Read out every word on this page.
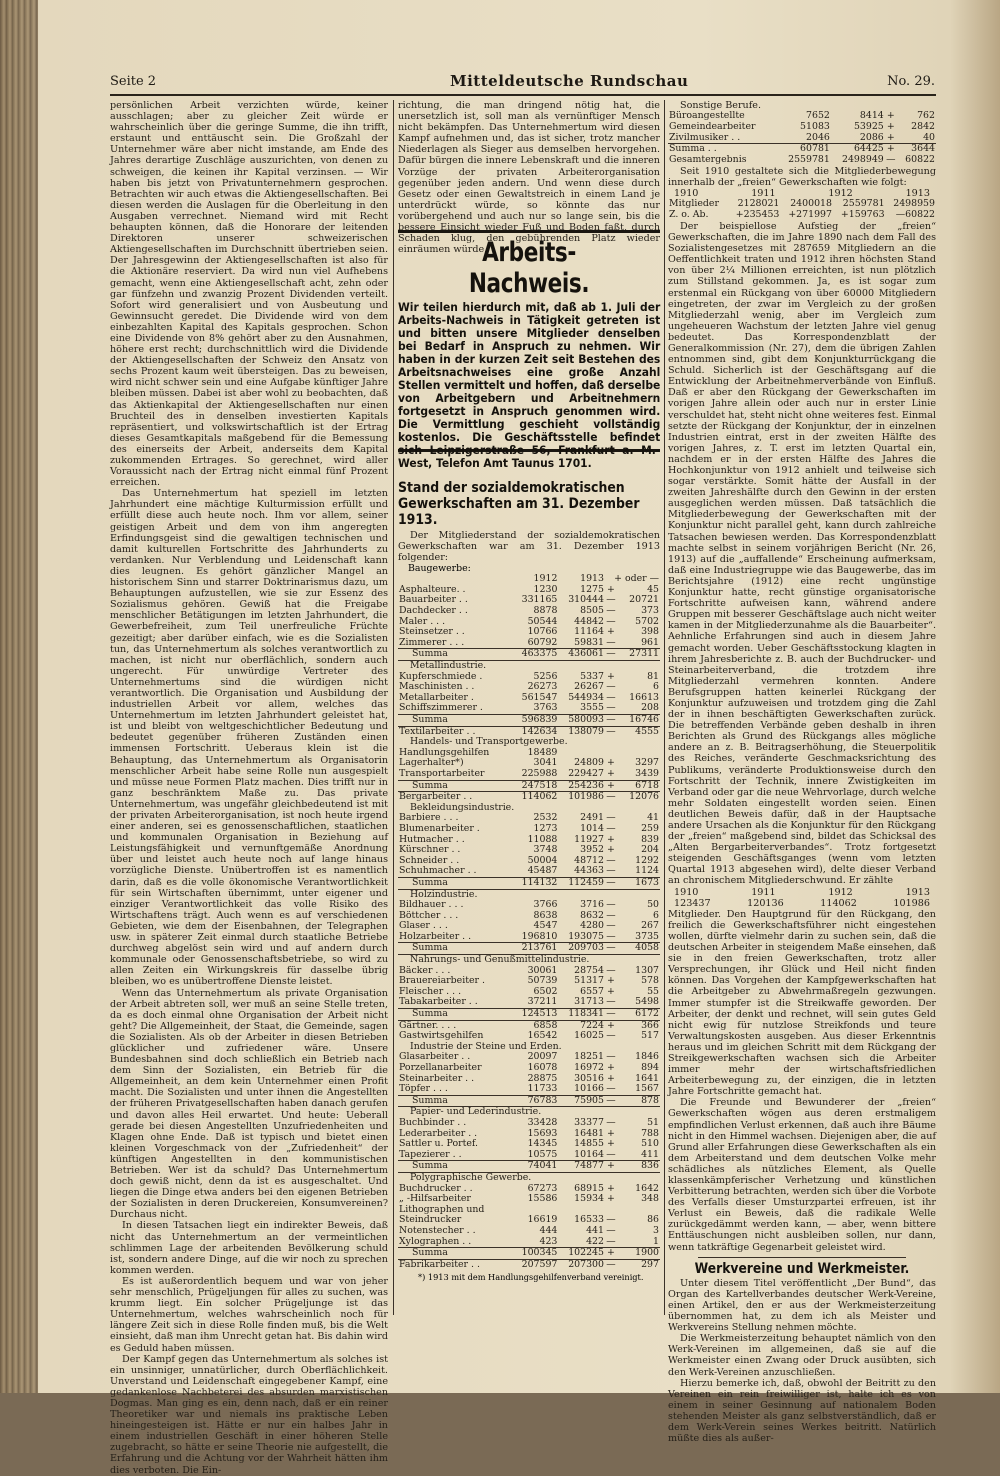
Seite 2	Mitteldeutsche Rundschau	No. 29.

persönlichen Arbeit verzichten würde, keiner ausschlagen; aber zu gleicher Zeit würde er wahrscheinlich über die geringe Summe, die ihn trifft, erstaunt und enttäuscht sein. Die Großzahl der Unternehmer wäre aber nicht imstande, am Ende des Jahres derartige Zuschläge auszurichten, von denen zu schweigen, die keinen ihr Kapital verzinsen. — Wir haben bis jetzt von Privatunternehmern gesprochen. Betrachten wir auch etwas die Aktiengesellschaften. Bei diesen werden die Auslagen für die Oberleitung in den Ausgaben verrechnet. Niemand wird mit Recht behaupten können, daß die Honorare der leitenden Direktoren unserer schweizerischen Aktiengesellschaften im Durchschnitt übertrieben seien. Der Jahresgewinn der Aktiengesellschaften ist also für die Aktionäre reserviert. Da wird nun viel Aufhebens gemacht, wenn eine Aktiengesellschaft acht, zehn oder gar fünfzehn und zwanzig Prozent Dividenden verteilt. Sofort wird generalisiert und von Ausbeutung und Gewinnsucht geredet. Die Dividende wird von dem einbezahlten Kapital des Kapitals gesprochen. Schon eine Dividende von 8% gehört aber zu den Ausnahmen, höhere erst recht; durchschnittlich wird die Dividende der Aktiengesellschaften der Schweiz den Ansatz von sechs Prozent kaum weit übersteigen. Das zu beweisen, wird nicht schwer sein und eine Aufgabe künftiger Jahre bleiben müssen. Dabei ist aber wohl zu beobachten, daß das Aktienkapital der Aktiengesellschaften nur einen Bruchteil des in denselben investierten Kapitals repräsentiert, und volkswirtschaftlich ist der Ertrag dieses Gesamtkapitals maßgebend für die Bemessung des einerseits der Arbeit, anderseits dem Kapital zukommenden Ertrages. So gerechnet, wird aller Voraussicht nach der Ertrag nicht einmal fünf Prozent erreichen.

Das Unternehmertum hat speziell im letzten Jahrhundert eine mächtige Kulturmission erfüllt und erfüllt diese auch heute noch. Ihm vor allem, seiner geistigen Arbeit und dem von ihm angeregten Erfindungsgeist sind die gewaltigen technischen und damit kulturellen Fortschritte des Jahrhunderts zu verdanken. Nur Verblendung und Leidenschaft kann dies leugnen. Es gehört gänzlicher Mangel an historischem Sinn und starrer Doktrinarismus dazu, um Behauptungen aufzustellen, wie sie zur Essenz des Sozialismus gehören. Gewiß hat die Freigabe menschlicher Betätigungen im letzten Jahrhundert, die Gewerbefreiheit, zum Teil unerfreuliche Früchte gezeitigt; aber darüber einfach, wie es die Sozialisten tun, das Unternehmertum als solches verantwortlich zu machen, ist nicht nur oberflächlich, sondern auch ungerecht. Für unwürdige Vertreter des Unternehmertums sind die würdigen nicht verantwortlich. Die Organisation und Ausbildung der industriellen Arbeit vor allem, welches das Unternehmertum im letzten Jahrhundert geleistet hat, ist und bleibt von weltgeschichtlicher Bedeutung und bedeutet gegenüber früheren Zuständen einen immensen Fortschritt. Ueberaus klein ist die Behauptung, das Unternehmertum als Organisatorin menschlicher Arbeit habe seine Rolle nun ausgespielt und müsse neue Formen Platz machen. Dies trifft nur in ganz beschränktem Maße zu. Das private Unternehmertum, was ungefähr gleichbedeutend ist mit der privaten Arbeiterorganisation, ist noch heute irgend einer anderen, sei es genossenschaftlichen, staatlichen und kommunalen Organisation in Beziehung auf Leistungsfähigkeit und vernunftgemäße Anordnung über und leistet auch heute noch auf lange hinaus vorzügliche Dienste. Unübertroffen ist es namentlich darin, daß es die volle ökonomische Verantwortlichkeit für sein Wirtschaften übernimmt, unter eigener und einziger Verantwortlichkeit das volle Risiko des Wirtschaftens trägt. Auch wenn es auf verschiedenen Gebieten, wie dem der Eisenbahnen, der Telegraphen usw. in späterer Zeit einmal durch staatliche Betriebe durchweg abgelöst sein wird und auf andern durch kommunale oder Genossenschaftsbetriebe, so wird zu allen Zeiten ein Wirkungskreis für dasselbe übrig bleiben, wo es unübertroffene Dienste leistet.

Wenn das Unternehmertum als private Organisation der Arbeit abtreten soll, wer muß an seine Stelle treten, da es doch einmal ohne Organisation der Arbeit nicht geht? Die Allgemeinheit, der Staat, die Gemeinde, sagen die Sozialisten. Als ob der Arbeiter in diesen Betrieben glücklicher und zufriedener wäre. Unsere Bundesbahnen sind doch schließlich ein Betrieb nach dem Sinn der Sozialisten, ein Betrieb für die Allgemeinheit, an dem kein Unternehmer einen Profit macht. Die Sozialisten und unter ihnen die Angestellten der früheren Privatgesellschaften haben danach gerufen und davon alles Heil erwartet. Und heute: Ueberall gerade bei diesen Angestellten Unzufriedenheiten und Klagen ohne Ende. Daß ist typisch und bietet einen kleinen Vorgeschmack von der „Zufriedenheit“ der künftigen Angestellten in den kommunistischen Betrieben. Wer ist da schuld? Das Unternehmertum doch gewiß nicht, denn da ist es ausgeschaltet. Und liegen die Dinge etwa anders bei den eigenen Betrieben der Sozialisten in deren Druckereien, Konsumvereinen? Durchaus nicht.

In diesen Tatsachen liegt ein indirekter Beweis, daß nicht das Unternehmertum an der vermeintlichen schlimmen Lage der arbeitenden Bevölkerung schuld ist, sondern andere Dinge, auf die wir noch zu sprechen kommen werden.

Es ist außerordentlich bequem und war von jeher sehr menschlich, Prügeljungen für alles zu suchen, was krumm liegt. Ein solcher Prügeljunge ist das Unternehmertum, welches wahrscheinlich noch für längere Zeit sich in diese Rolle finden muß, bis die Welt einsieht, daß man ihm Unrecht getan hat. Bis dahin wird es Geduld haben müssen.

Der Kampf gegen das Unternehmertum als solches ist ein unsinniger, unnatürlicher, durch Oberflächlichkeit. Unverstand und Leidenschaft eingegebener Kampf, eine gedankenlose Nachbeterei des absurden marxistischen Dogmas. Man ging es ein, denn nach, daß er ein reiner Theoretiker war und niemals ins praktische Leben hineingesteigen ist. Hätte er nur ein halbes Jahr in einem industriellen Geschäft in einer höheren Stelle zugebracht, so hätte er seine Theorie nie aufgestellt, die Erfahrung und die Achtung vor der Wahrheit hätten ihm dies verboten. Die Ein-

richtung, die man dringend nötig hat, die unersetzlich ist, soll man als vernünftiger Mensch nicht bekämpfen. Das Unternehmertum wird diesen Kampf aufnehmen und, das ist sicher, trotz mancher Niederlagen als Sieger aus demselben hervorgehen. Dafür bürgen die innere Lebenskraft und die inneren Vorzüge der privaten Arbeiterorganisation gegenüber jeden andern. Und wenn diese durch Gesetz oder einen Gewaltstreich in einem Land je unterdrückt würde, so könnte das nur vorübergehend und auch nur so lange sein, bis die bessere Einsicht wieder Fuß und Boden faßt, durch Schaden klug, den gebührenden Platz wieder einräumen würde.

Arbeits-Nachweis.
Wir teilen hierdurch mit, daß ab 1. Juli der Arbeits-Nachweis in Tätigkeit getreten ist und bitten unsere Mitglieder denselben bei Bedarf in Anspruch zu nehmen. Wir haben in der kurzen Zeit seit Bestehen des Arbeitsnachweises eine große Anzahl Stellen vermittelt und hoffen, daß derselbe von Arbeitgebern und Arbeitnehmern fortgesetzt in Anspruch genommen wird. Die Vermittlung geschieht vollständig kostenlos. Die Geschäftsstelle befindet sich Leipzigerstraße 56, Frankfurt a. M.-West, Telefon Amt Taunus 1701.
Stand der sozialdemokratischen Gewerkschaften am 31. Dezember 1913.
Der Mitgliederstand der sozialdemokratischen Gewerkschaften war am 31. Dezember 1913 folgender:
Baugewerbe:
	1912	1913	+ oder —	
Asphalteure. .	1230	1275	+	45
Bauarbeiter . .	331165	310444	—	20721
Dachdecker . .	8878	8505	—	373
Maler . . .	50544	44842	—	5702
Steinsetzer . .	10766	11164	+	398
Zimmerer . . .	60792	59831	—	961
Summa	463375	436061	—	27311
Metallindustrie.				
Kupferschmiede .	5256	5337	+	81
Maschinisten . .	26273	26267	—	6
Metallarbeiter .	561547	544934	—	16613
Schiffszimmerer .	3763	3555	—	208
Summa	596839	580093	—	16746
Textilarbeiter . .	142634	138079	—	4555
Handels- und Transportgewerbe.				
Handlungsgehilfen	18489			
Lagerhalter*)	3041	24809	+	3297
Transportarbeiter	225988	229427	+	3439
Summa	247518	254236	+	6718
Bergarbeiter . .	114062	101986	—	12076
Bekleidungsindustrie.				
Barbiere . . .	2532	2491	—	41
Blumenarbeiter .	1273	1014	—	259
Hutmacher . .	11088	11927	+	839
Kürschner . .	3748	3952	+	204
Schneider . .	50004	48712	—	1292
Schuhmacher . .	45487	44363	—	1124
Summa	114132	112459	—	1673
Holzindustrie.				
Bildhauer . . .	3766	3716	—	50
Böttcher . . .	8638	8632	—	6
Glaser . . .	4547	4280	—	267
Holzarbeiter . .	196810	193075	—	3735
Summa	213761	209703	—	4058
Nahrungs- und Genußmittelindustrie.				
Bäcker . . .	30061	28754	—	1307
Brauereiarbeiter .	50739	51317	+	578
Fleischer . . .	6502	6557	+	55
Tabakarbeiter . .	37211	31713	—	5498
Summa	124513	118341	—	6172
Gärtner. . . .	6858	7224	+	366
Gastwirtsgehilfen	16542	16025	—	517
Industrie der Steine und Erden.				
Glasarbeiter . .	20097	18251	—	1846
Porzellanarbeiter	16078	16972	+	894
Steinarbeiter . .	28875	30516	+	1641
Töpfer . . .	11733	10166	—	1567
Summa	76783	75905	—	878
Papier- und Lederindustrie.				
Buchbinder . .	33428	33377	—	51
Lederarbeiter . .	15693	16481	+	788
Sattler u. Portef.	14345	14855	+	510
Tapezierer . .	10575	10164	—	411
Summa	74041	74877	+	836
Polygraphische Gewerbe.				
Buchdrucker . .	67273	68915	+	1642
„ -Hilfsarbeiter	15586	15934	+	348
Lithographen und				
Steindrucker	16619	16533	—	86
Notenstecher . .	444	441	—	3
Xylographen . .	423	422	—	1
Summa	100345	102245	+	1900
Fabrikarbeiter . .	207597	207300	—	297
*) 1913 mit dem Handlungsgehilfenverband vereinigt.
Sonstige Berufe.
Büroangestellte	7652	8414	+	762
Gemeindearbeiter	51083	53925	+	2842
Zivilmusiker . .	2046	2086	+	40
Summa . .	60781	64425	+	3644
Gesamtergebnis	2559781	2498949	—	60822

Seit 1910 gestaltete sich die Mitgliederbewegung innerhalb der „freien“ Gewerkschaften wie folgt:

1910	1911	1912	1913
Mitglieder	2128021	2400018	2559781	2498959
Z. o. Ab.	+235453	+271997	+159763	—60822

Der beispiellose Aufstieg der „freien“ Gewerkschaften, die im Jahre 1890 nach dem Fall des Sozialistengesetzes mit 287659 Mitgliedern an die Oeffentlichkeit traten und 1912 ihren höchsten Stand von über 2¼ Millionen erreichten, ist nun plötzlich zum Stillstand gekommen. Ja, es ist sogar zum erstenmal ein Rückgang von über 60000 Mitgliedern eingetreten, der zwar im Vergleich zu der großen Mitgliederzahl wenig, aber im Vergleich zum ungeheueren Wachstum der letzten Jahre viel genug bedeutet. Das Korrespondenzblatt der Generalkommission (Nr. 27), dem die übrigen Zahlen entnommen sind, gibt dem Konjunkturrückgang die Schuld. Sicherlich ist der Geschäftsgang auf die Entwicklung der Arbeitnehmerverbände von Einfluß. Daß er aber den Rückgang der Gewerkschaften im vorigen Jahre allein oder auch nur in erster Linie verschuldet hat, steht nicht ohne weiteres fest. Einmal setzte der Rückgang der Konjunktur, der in einzelnen Industrien eintrat, erst in der zweiten Hälfte des vorigen Jahres, z. T. erst im letzten Quartal ein, nachdem er in der ersten Hälfte des Jahres die Hochkonjunktur von 1912 anhielt und teilweise sich sogar verstärkte. Somit hätte der Ausfall in der zweiten Jahreshälfte durch den Gewinn in der ersten ausgeglichen werden müssen. Daß tatsächlich die Mitgliederbewegung der Gewerkschaften mit der Konjunktur nicht parallel geht, kann durch zahlreiche Tatsachen bewiesen werden. Das Korrespondenzblatt machte selbst in seinem vorjährigen Bericht (Nr. 26, 1913) auf die „auffallende“ Erscheinung aufmerksam, daß eine Industriegruppe wie das Baugewerbe, das im Berichtsjahre (1912) eine recht ungünstige Konjunktur hatte, recht günstige organisatorische Fortschritte aufweisen kann, während andere Gruppen mit besserer Geschäftslage auch nicht weiter kamen in der Mitgliederzunahme als die Bauarbeiter“. Aehnliche Erfahrungen sind auch in diesem Jahre gemacht worden. Ueber Geschäftsstockung klagten in ihrem Jahresberichte z. B. auch der Buchdrucker- und Steinarbeiterverband, die trotzdem ihre Mitgliederzahl vermehren konnten. Andere Berufsgruppen hatten keinerlei Rückgang der Konjunktur aufzuweisen und trotzdem ging die Zahl der in ihnen beschäftigten Gewerkschaften zurück. Die betreffenden Verbände geben deshalb in ihren Berichten als Grund des Rückgangs alles mögliche andere an z. B. Beitragserhöhung, die Steuerpolitik des Reiches, veränderte Geschmacksrichtung des Publikums, veränderte Produktionsweise durch den Fortschritt der Technik, innere Zwistigkeiten im Verband oder gar die neue Wehrvorlage, durch welche mehr Soldaten eingestellt worden seien. Einen deutlichen Beweis dafür, daß in der Hauptsache andere Ursachen als die Konjunktur für den Rückgang der „freien“ maßgebend sind, bildet das Schicksal des „Alten Bergarbeiterverbandes“. Trotz fortgesetzt steigenden Geschäftsganges (wenn vom letzten Quartal 1913 abgesehen wird), delte dieser Verband an chronischem Mitgliederschwund. Er zählte

1910	1911	1912	1913
123437	120136	114062	101986

Mitglieder. Den Hauptgrund für den Rückgang, den freilich die Gewerkschaftsführer nicht eingestehen wollen, dürfte vielmehr darin zu suchen sein, daß die deutschen Arbeiter in steigendem Maße einsehen, daß sie in den freien Gewerkschaften, trotz aller Versprechungen, ihr Glück und Heil nicht finden können. Das Vorgehen der Kampfgewerkschaften hat die Arbeitgeber zu Abwehrmaßregeln gezwungen. Immer stumpfer ist die Streikwaffe geworden. Der Arbeiter, der denkt und rechnet, will sein gutes Geld nicht ewig für nutzlose Streikfonds und teure Verwaltungskosten ausgeben. Aus dieser Erkenntnis heraus und im gleichen Schritt mit dem Rückgang der Streikgewerkschaften wachsen sich die Arbeiter immer mehr der wirtschaftsfriedlichen Arbeiterbewegung zu, der einzigen, die in letzten Jahre Fortschritte gemacht hat.

Die Freunde und Bewunderer der „freien“ Gewerkschaften wögen aus deren erstmaligem empfindlichen Verlust erkennen, daß auch ihre Bäume nicht in den Himmel wachsen. Diejenigen aber, die auf Grund aller Erfahrungen diese Gewerkschaften als ein dem Arbeiterstand und dem deutschen Volke mehr schädliches als nützliches Element, als Quelle klassenkämpferischer Verhetzung und künstlichen Verbitterung betrachten, werden sich über die Vorbote des Verfalls dieser Umsturzpartei erfreuen, ist ihr Verlust ein Beweis, daß die radikale Welle zurückgedämmt werden kann, — aber, wenn bittere Enttäuschungen nicht ausbleiben sollen, nur dann, wenn tatkräftige Gegenarbeit geleistet wird.

Werkvereine und Werkmeister.

Unter diesem Titel veröffentlicht „Der Bund“, das Organ des Kartellverbandes deutscher Werk-Vereine, einen Artikel, den er aus der Werkmeisterzeitung übernommen hat, zu dem ich als Meister und Werkvereins Stellung nehmen möchte.

Die Werkmeisterzeitung behauptet nämlich von den Werk-Vereinen im allgemeinen, daß sie auf die Werkmeister einen Zwang oder Druck ausübten, sich den Werk-Vereinen anzuschließen.

Hierzu bemerke ich, daß, obwohl der Beitritt zu den Vereinen ein rein freiwilliger ist, halte ich es von einem in seiner Gesinnung auf nationalem Boden stehenden Meister als ganz selbstverständlich, daß er dem Werk-Verein seines Werkes beitritt. Natürlich müßte dies als außer-
